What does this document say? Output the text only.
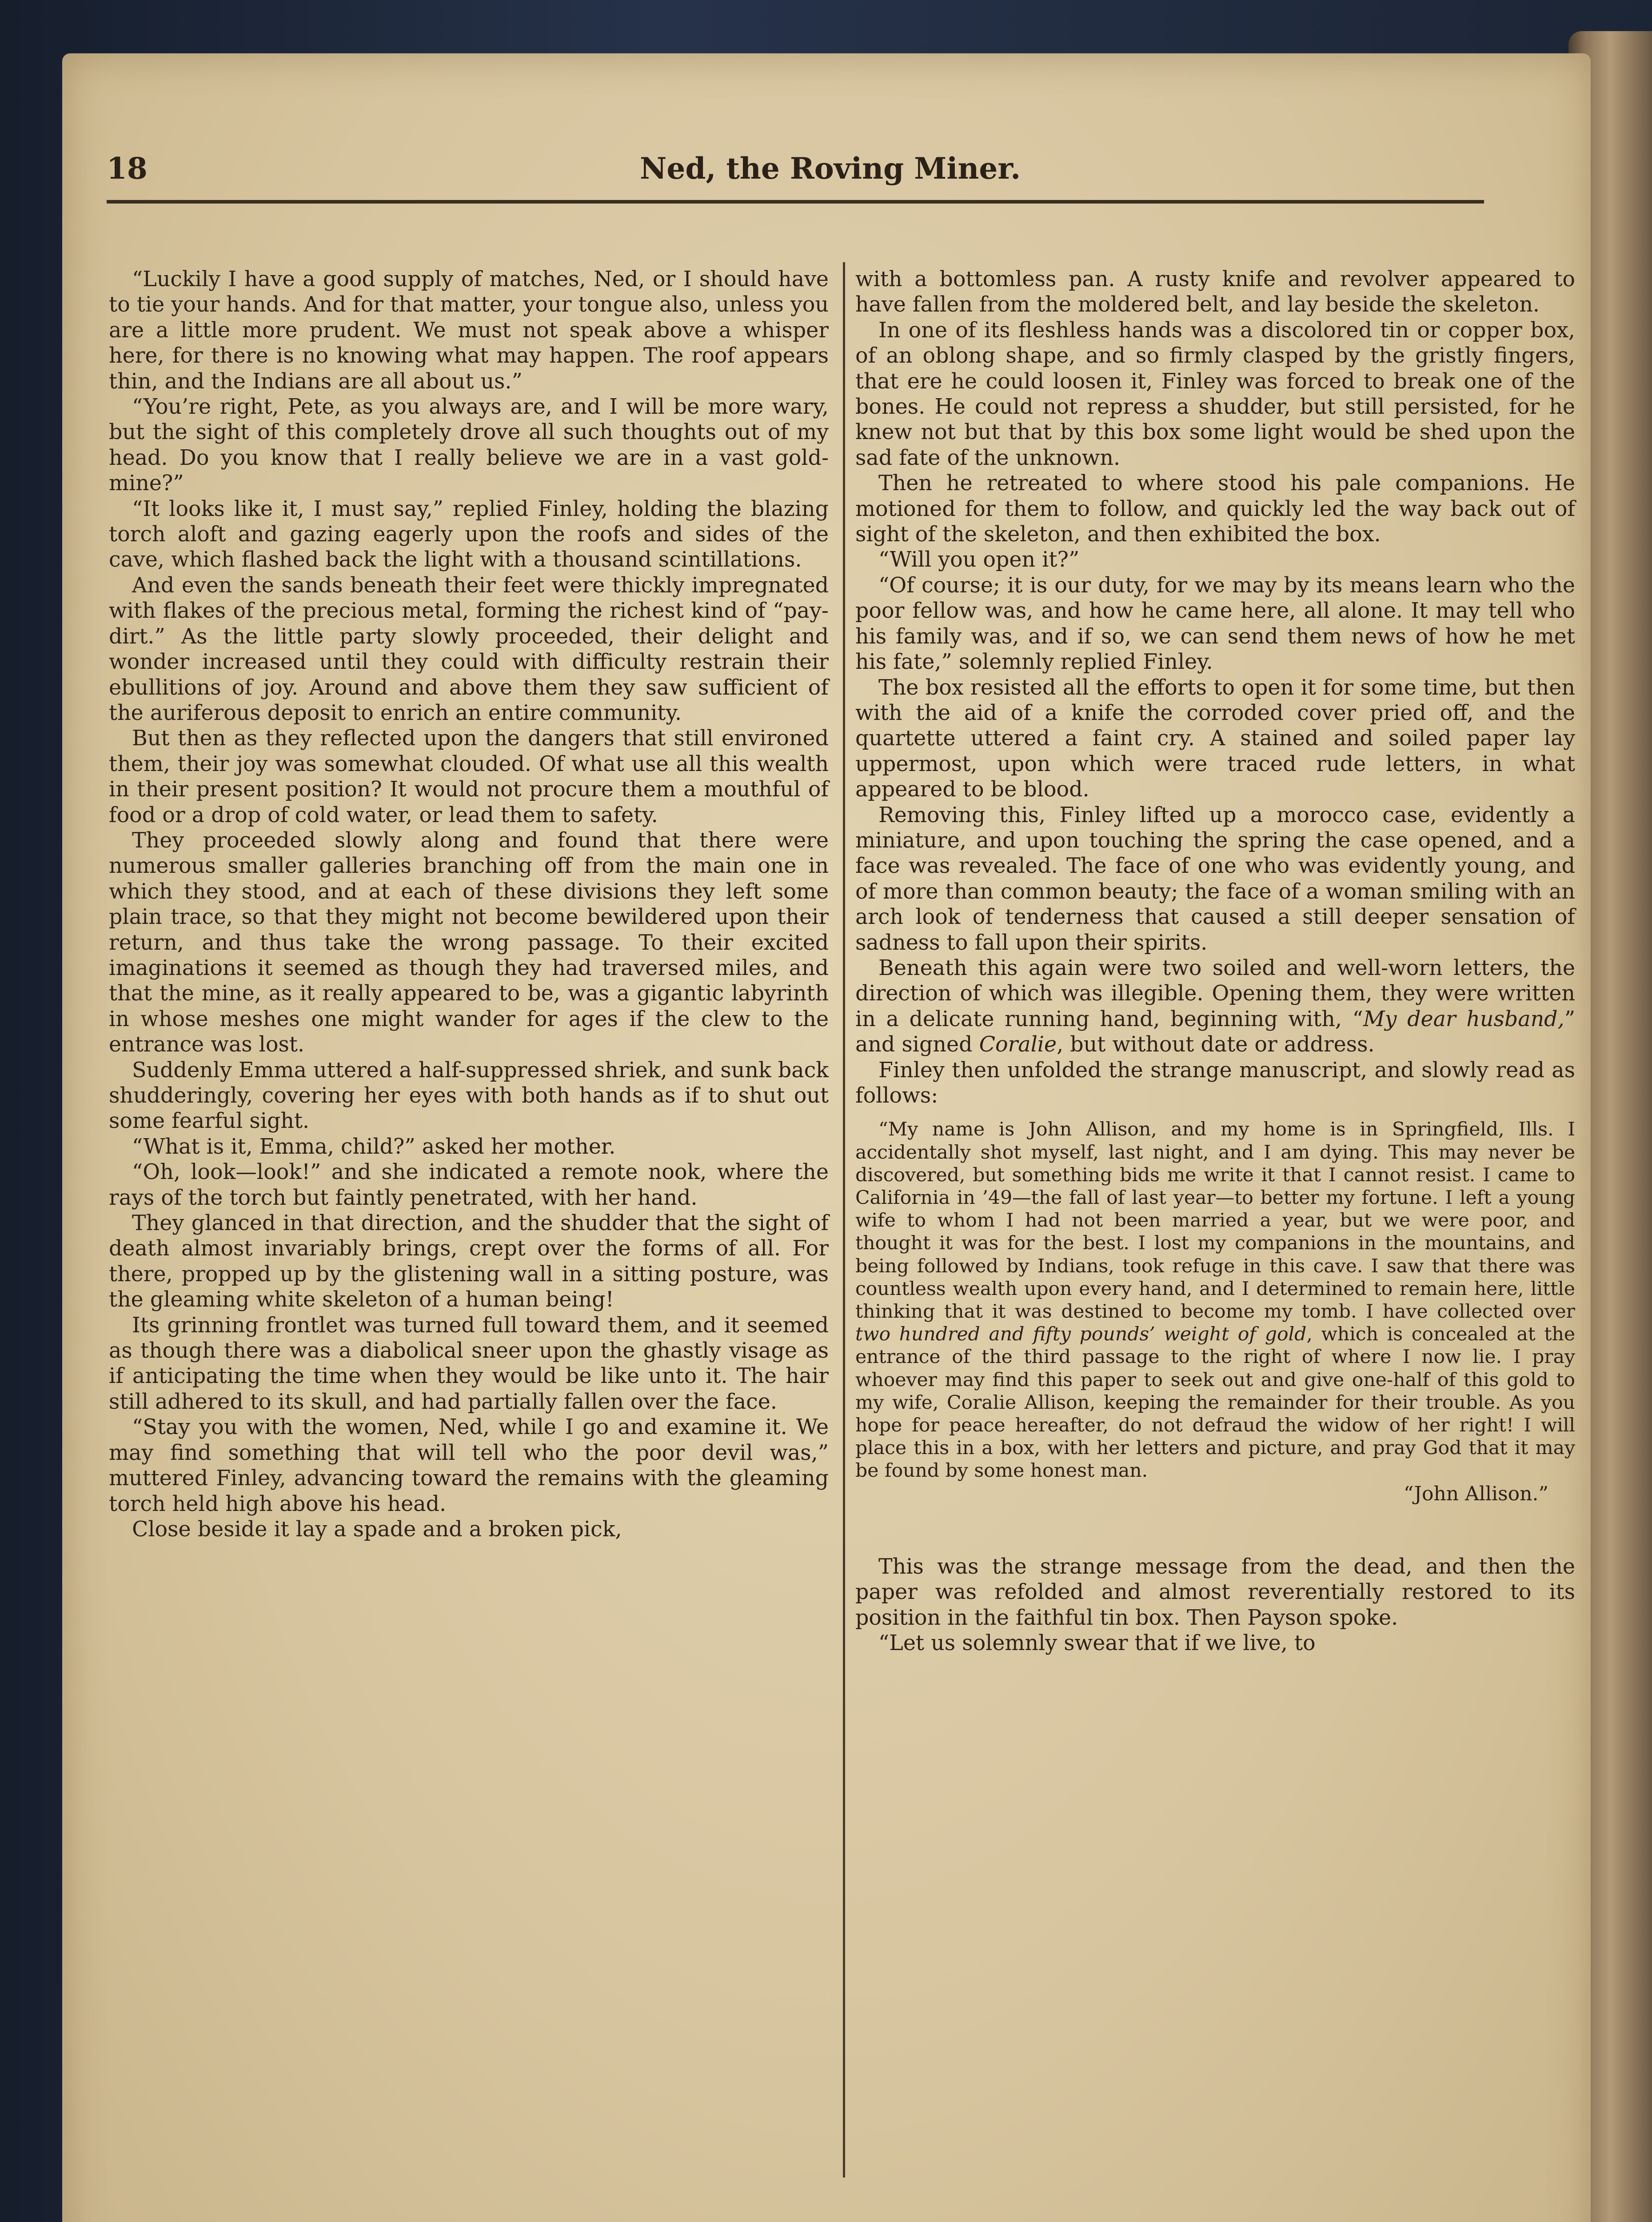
18	Ned, the Roving Miner.

“Luckily I have a good supply of matches, Ned, or I should have to tie your hands. And for that matter, your tongue also, unless you are a little more prudent. We must not speak above a whisper here, for there is no knowing what may happen. The roof appears thin, and the Indians are all about us.”

“You’re right, Pete, as you always are, and I will be more wary, but the sight of this completely drove all such thoughts out of my head. Do you know that I really believe we are in a vast gold-mine?”

“It looks like it, I must say,” replied Finley, holding the blazing torch aloft and gazing eagerly upon the roofs and sides of the cave, which flashed back the light with a thousand scintillations.

And even the sands beneath their feet were thickly impregnated with flakes of the precious metal, forming the richest kind of “pay-dirt.” As the little party slowly proceeded, their delight and wonder increased until they could with difficulty restrain their ebullitions of joy. Around and above them they saw sufficient of the auriferous deposit to enrich an entire community.

But then as they reflected upon the dangers that still environed them, their joy was somewhat clouded. Of what use all this wealth in their present position? It would not procure them a mouthful of food or a drop of cold water, or lead them to safety.

They proceeded slowly along and found that there were numerous smaller galleries branching off from the main one in which they stood, and at each of these divisions they left some plain trace, so that they might not become bewildered upon their return, and thus take the wrong passage. To their excited imaginations it seemed as though they had traversed miles, and that the mine, as it really appeared to be, was a gigantic labyrinth in whose meshes one might wander for ages if the clew to the entrance was lost.

Suddenly Emma uttered a half-suppressed shriek, and sunk back shudderingly, covering her eyes with both hands as if to shut out some fearful sight.

“What is it, Emma, child?” asked her mother.

“Oh, look—look!” and she indicated a remote nook, where the rays of the torch but faintly penetrated, with her hand.

They glanced in that direction, and the shudder that the sight of death almost invariably brings, crept over the forms of all. For there, propped up by the glistening wall in a sitting posture, was the gleaming white skeleton of a human being!

Its grinning frontlet was turned full toward them, and it seemed as though there was a diabolical sneer upon the ghastly visage as if anticipating the time when they would be like unto it. The hair still adhered to its skull, and had partially fallen over the face.

“Stay you with the women, Ned, while I go and examine it. We may find something that will tell who the poor devil was,” muttered Finley, advancing toward the remains with the gleaming torch held high above his head.

Close beside it lay a spade and a broken pick,

with a bottomless pan. A rusty knife and revolver appeared to have fallen from the moldered belt, and lay beside the skeleton.

In one of its fleshless hands was a discolored tin or copper box, of an oblong shape, and so firmly clasped by the gristly fingers, that ere he could loosen it, Finley was forced to break one of the bones. He could not repress a shudder, but still persisted, for he knew not but that by this box some light would be shed upon the sad fate of the unknown.

Then he retreated to where stood his pale companions. He motioned for them to follow, and quickly led the way back out of sight of the skeleton, and then exhibited the box.

“Will you open it?”

“Of course; it is our duty, for we may by its means learn who the poor fellow was, and how he came here, all alone. It may tell who his family was, and if so, we can send them news of how he met his fate,” solemnly replied Finley.

The box resisted all the efforts to open it for some time, but then with the aid of a knife the corroded cover pried off, and the quartette uttered a faint cry. A stained and soiled paper lay uppermost, upon which were traced rude letters, in what appeared to be blood.

Removing this, Finley lifted up a morocco case, evidently a miniature, and upon touching the spring the case opened, and a face was revealed. The face of one who was evidently young, and of more than common beauty; the face of a woman smiling with an arch look of tenderness that caused a still deeper sensation of sadness to fall upon their spirits.

Beneath this again were two soiled and well-worn letters, the direction of which was illegible. Opening them, they were written in a delicate running hand, beginning with, “My dear husband,” and signed Coralie, but without date or address.

Finley then unfolded the strange manuscript, and slowly read as follows:

“My name is John Allison, and my home is in Springfield, Ills. I accidentally shot myself, last night, and I am dying. This may never be discovered, but something bids me write it that I cannot resist. I came to California in ’49—the fall of last year—to better my fortune. I left a young wife to whom I had not been married a year, but we were poor, and thought it was for the best. I lost my companions in the mountains, and being followed by Indians, took refuge in this cave. I saw that there was countless wealth upon every hand, and I determined to remain here, little thinking that it was destined to become my tomb. I have collected over two hundred and fifty pounds’ weight of gold, which is concealed at the entrance of the third passage to the right of where I now lie. I pray whoever may find this paper to seek out and give one-half of this gold to my wife, Coralie Allison, keeping the remainder for their trouble. As you hope for peace hereafter, do not defraud the widow of her right! I will place this in a box, with her letters and picture, and pray God that it may be found by some honest man.

“John Allison.”

This was the strange message from the dead, and then the paper was refolded and almost reverentially restored to its position in the faithful tin box. Then Payson spoke.

“Let us solemnly swear that if we live, to
